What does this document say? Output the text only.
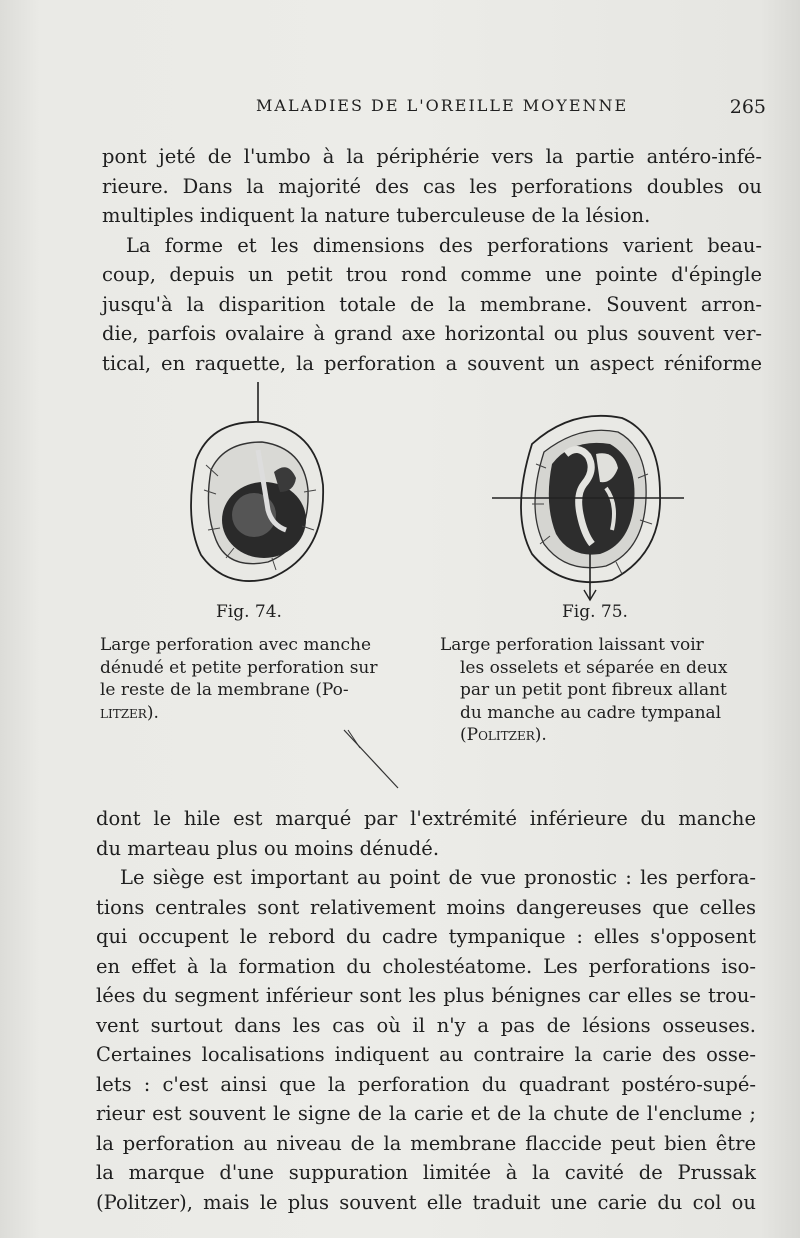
MALADIES DE L'OREILLE MOYENNE	265
pont jeté de l'umbo à la périphérie vers la partie antéro-infé-
rieure. Dans la majorité des cas les perforations doubles ou
multiples indiquent la nature tuberculeuse de la lésion.
La forme et les dimensions des perforations varient beau-
coup, depuis un petit trou rond comme une pointe d'épingle
jusqu'à la disparition totale de la membrane. Souvent arron-
die, parfois ovalaire à grand axe horizontal ou plus souvent ver-
tical, en raquette, la perforation a souvent un aspect réniforme
Fig. 74.
Large perforation avec manche
dénudé et petite perforation sur
le reste de la membrane (Po-
litzer).
Fig. 75.
Large perforation laissant voir
les osselets et séparée en deux
par un petit pont fibreux allant
du manche au cadre tympanal
(Politzer).
dont le hile est marqué par l'extrémité inférieure du manche
du marteau plus ou moins dénudé.
Le siège est important au point de vue pronostic : les perfora-
tions centrales sont relativement moins dangereuses que celles
qui occupent le rebord du cadre tympanique : elles s'opposent
en effet à la formation du cholestéatome. Les perforations iso-
lées du segment inférieur sont les plus bénignes car elles se trou-
vent surtout dans les cas où il n'y a pas de lésions osseuses.
Certaines localisations indiquent au contraire la carie des osse-
lets : c'est ainsi que la perforation du quadrant postéro-supé-
rieur est souvent le signe de la carie et de la chute de l'enclume ;
la perforation au niveau de la membrane flaccide peut bien être
la marque d'une suppuration limitée à la cavité de Prussak
(Politzer), mais le plus souvent elle traduit une carie du col ou
